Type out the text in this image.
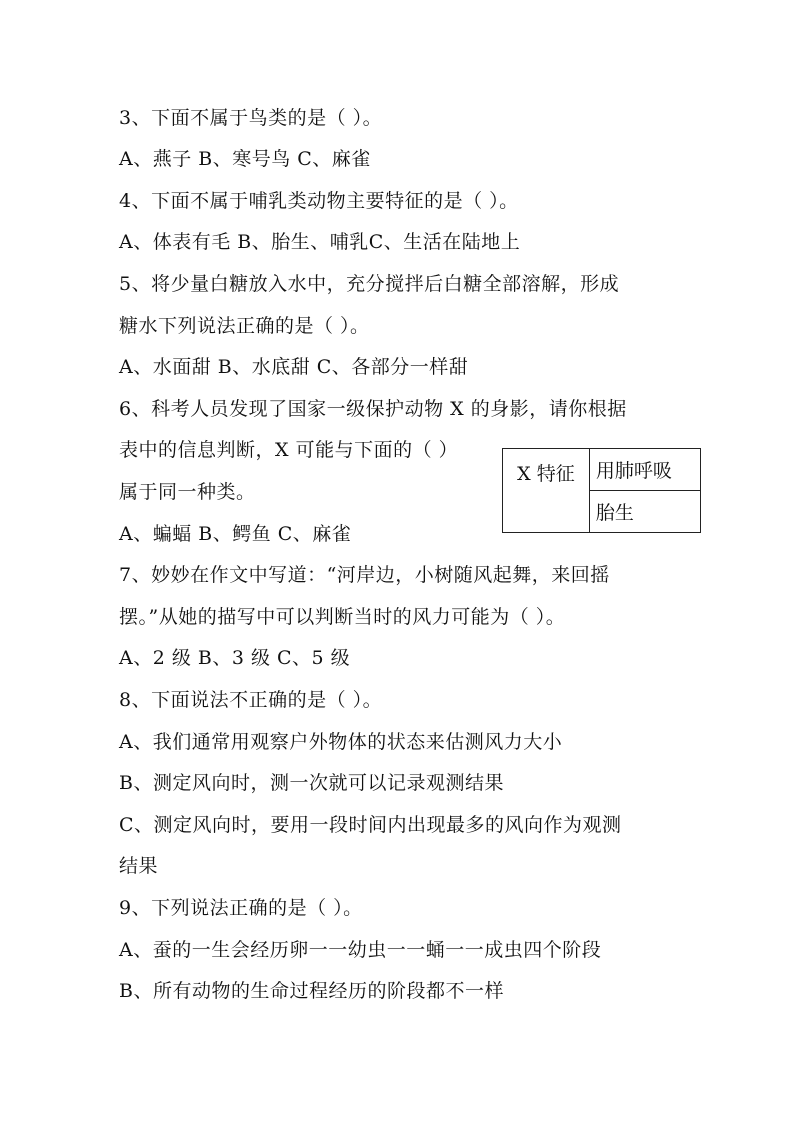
3、下面不属于鸟类的是（ ）。
A、燕子 B、寒号鸟 C、麻雀
4、下面不属于哺乳类动物主要特征的是（ ）。
A、体表有毛 B、胎生、哺乳C、生活在陆地上
5、将少量白糖放入水中，充分搅拌后白糖全部溶解，形成
糖水下列说法正确的是（ ）。
A、水面甜 B、水底甜 C、各部分一样甜
6、科考人员发现了国家一级保护动物 X 的身影，请你根据
表中的信息判断，X 可能与下面的（ ）
属于同一种类。
A、蝙蝠 B、鳄鱼 C、麻雀
X 特征	用肺呼吸
胎生
7、妙妙在作文中写道：“河岸边，小树随风起舞，来回摇
摆。”从她的描写中可以判断当时的风力可能为（ ）。
A、2 级 B、3 级 C、5 级
8、下面说法不正确的是（ ）。
A、我们通常用观察户外物体的状态来估测风力大小
B、测定风向时，测一次就可以记录观测结果
C、测定风向时，要用一段时间内出现最多的风向作为观测
结果
9、下列说法正确的是（ ）。
A、蚕的一生会经历卵一一幼虫一一蛹一一成虫四个阶段
B、所有动物的生命过程经历的阶段都不一样
